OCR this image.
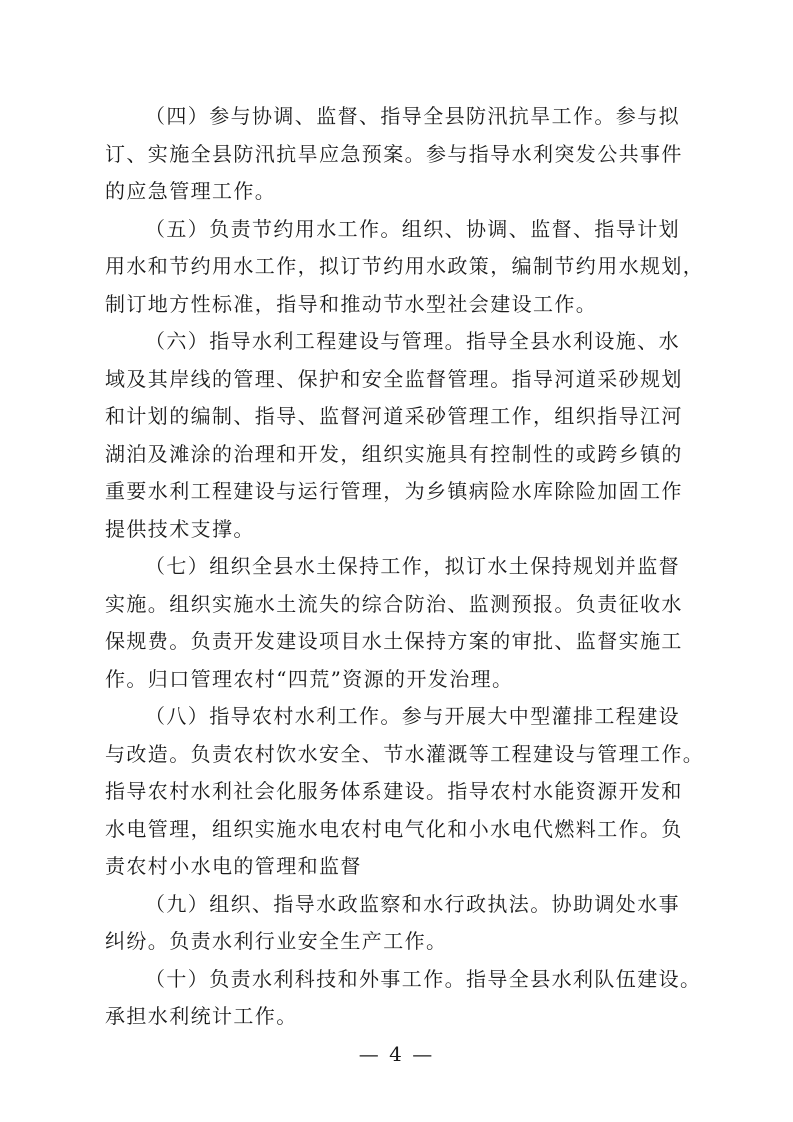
（四）参与协调、监督、指导全县防汛抗旱工作。参与拟
订、实施全县防汛抗旱应急预案。参与指导水利突发公共事件
的应急管理工作。
（五）负责节约用水工作。组织、协调、监督、指导计划
用水和节约用水工作，拟订节约用水政策，编制节约用水规划，
制订地方性标准，指导和推动节水型社会建设工作。
（六）指导水利工程建设与管理。指导全县水利设施、水
域及其岸线的管理、保护和安全监督管理。指导河道采砂规划
和计划的编制、指导、监督河道采砂管理工作，组织指导江河
湖泊及滩涂的治理和开发，组织实施具有控制性的或跨乡镇的
重要水利工程建设与运行管理，为乡镇病险水库除险加固工作
提供技术支撑。
（七）组织全县水土保持工作，拟订水土保持规划并监督
实施。组织实施水土流失的综合防治、监测预报。负责征收水
保规费。负责开发建设项目水土保持方案的审批、监督实施工
作。归口管理农村“四荒”资源的开发治理。
（八）指导农村水利工作。参与开展大中型灌排工程建设
与改造。负责农村饮水安全、节水灌溉等工程建设与管理工作。
指导农村水利社会化服务体系建设。指导农村水能资源开发和
水电管理，组织实施水电农村电气化和小水电代燃料工作。负
责农村小水电的管理和监督
（九）组织、指导水政监察和水行政执法。协助调处水事
纠纷。负责水利行业安全生产工作。
（十）负责水利科技和外事工作。指导全县水利队伍建设。
承担水利统计工作。
— 4 —
